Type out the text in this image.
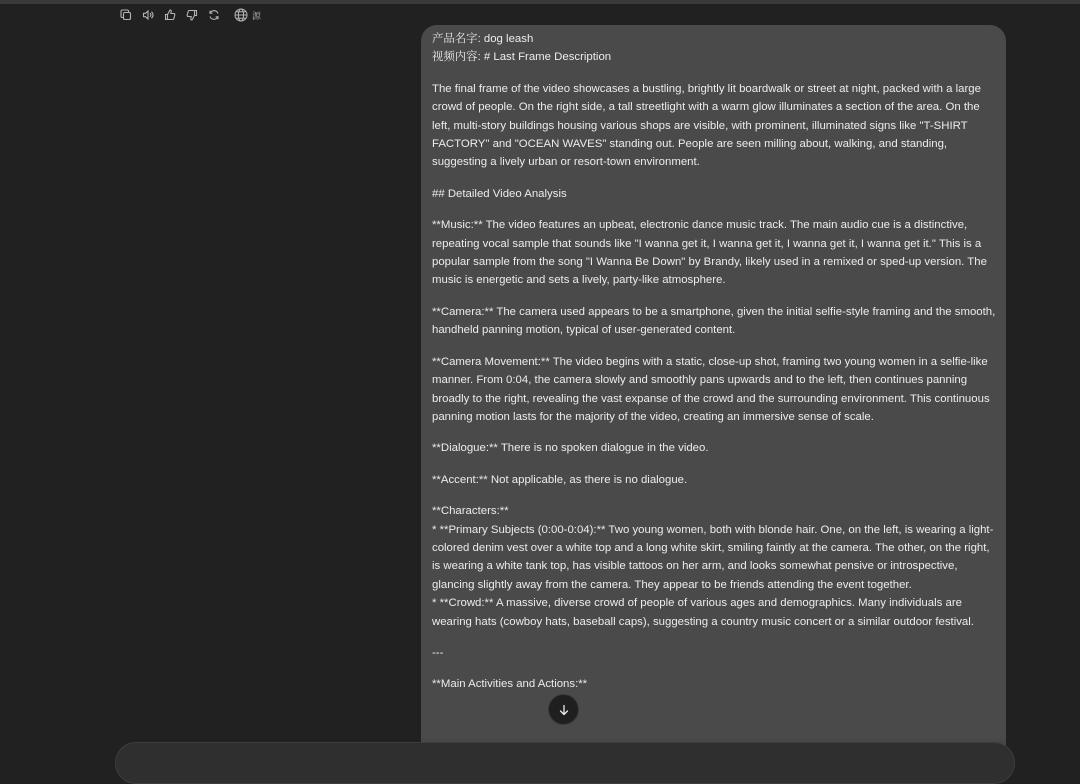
源

产品名字: dog leash

视频内容: # Last Frame Description

The final frame of the video showcases a bustling, brightly lit boardwalk or street at night, packed with a large crowd of people. On the right side, a tall streetlight with a warm glow illuminates a section of the area. On the left, multi-story buildings housing various shops are visible, with prominent, illuminated signs like "T-SHIRT FACTORY" and "OCEAN WAVES" standing out. People are seen milling about, walking, and standing, suggesting a lively urban or resort-town environment.

## Detailed Video Analysis

**Music:** The video features an upbeat, electronic dance music track. The main audio cue is a distinctive, repeating vocal sample that sounds like "I wanna get it, I wanna get it, I wanna get it, I wanna get it." This is a popular sample from the song "I Wanna Be Down" by Brandy, likely used in a remixed or sped-up version. The music is energetic and sets a lively, party-like atmosphere.

**Camera:** The camera used appears to be a smartphone, given the initial selfie-style framing and the smooth, handheld panning motion, typical of user-generated content.

**Camera Movement:** The video begins with a static, close-up shot, framing two young women in a selfie-like manner. From 0:04, the camera slowly and smoothly pans upwards and to the left, then continues panning broadly to the right, revealing the vast expanse of the crowd and the surrounding environment. This continuous panning motion lasts for the majority of the video, creating an immersive sense of scale.

**Dialogue:** There is no spoken dialogue in the video.

**Accent:** Not applicable, as there is no dialogue.

**Characters:**

* **Primary Subjects (0:00-0:04):** Two young women, both with blonde hair. One, on the left, is wearing a light-colored denim vest over a white top and a long white skirt, smiling faintly at the camera. The other, on the right, is wearing a white tank top, has visible tattoos on her arm, and looks somewhat pensive or introspective, glancing slightly away from the camera. They appear to be friends attending the event together.

* **Crowd:** A massive, diverse crowd of people of various ages and demographics. Many individuals are wearing hats (cowboy hats, baseball caps), suggesting a country music concert or a similar outdoor festival.

---

**Main Activities and Actions:**
